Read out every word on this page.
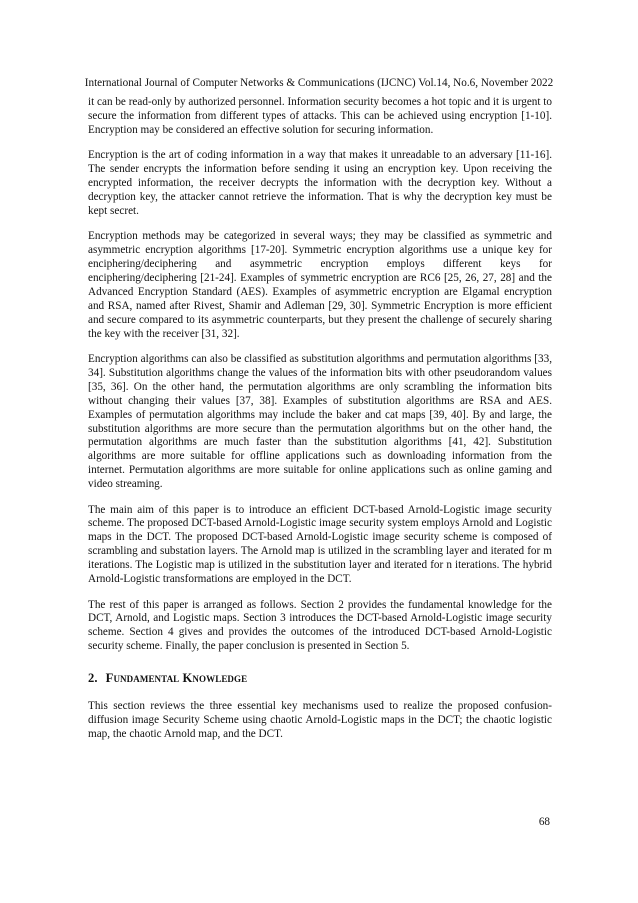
International Journal of Computer Networks & Communications (IJCNC) Vol.14, No.6, November 2022

it can be read-only by authorized personnel. Information security becomes a hot topic and it is urgent to secure the information from different types of attacks. This can be achieved using encryption [1-10]. Encryption may be considered an effective solution for securing information.

Encryption is the art of coding information in a way that makes it unreadable to an adversary [11-16]. The sender encrypts the information before sending it using an encryption key. Upon receiving the encrypted information, the receiver decrypts the information with the decryption key. Without a decryption key, the attacker cannot retrieve the information. That is why the decryption key must be kept secret.

Encryption methods may be categorized in several ways; they may be classified as symmetric and asymmetric encryption algorithms [17-20]. Symmetric encryption algorithms use a unique key for enciphering/deciphering and asymmetric encryption employs different keys for enciphering/deciphering [21-24]. Examples of symmetric encryption are RC6 [25, 26, 27, 28] and the Advanced Encryption Standard (AES). Examples of asymmetric encryption are Elgamal encryption and RSA, named after Rivest, Shamir and Adleman [29, 30]. Symmetric Encryption is more efficient and secure compared to its asymmetric counterparts, but they present the challenge of securely sharing the key with the receiver [31, 32].

Encryption algorithms can also be classified as substitution algorithms and permutation algorithms [33, 34]. Substitution algorithms change the values of the information bits with other pseudorandom values [35, 36]. On the other hand, the permutation algorithms are only scrambling the information bits without changing their values [37, 38]. Examples of substitution algorithms are RSA and AES. Examples of permutation algorithms may include the baker and cat maps [39, 40]. By and large, the substitution algorithms are more secure than the permutation algorithms but on the other hand, the permutation algorithms are much faster than the substitution algorithms [41, 42]. Substitution algorithms are more suitable for offline applications such as downloading information from the internet. Permutation algorithms are more suitable for online applications such as online gaming and video streaming.

The main aim of this paper is to introduce an efficient DCT-based Arnold-Logistic image security scheme. The proposed DCT-based Arnold-Logistic image security system employs Arnold and Logistic maps in the DCT. The proposed DCT-based Arnold-Logistic image security scheme is composed of scrambling and substation layers. The Arnold map is utilized in the scrambling layer and iterated for m iterations. The Logistic map is utilized in the substitution layer and iterated for n iterations. The hybrid Arnold-Logistic transformations are employed in the DCT.

The rest of this paper is arranged as follows. Section 2 provides the fundamental knowledge for the DCT, Arnold, and Logistic maps. Section 3 introduces the DCT-based Arnold-Logistic image security scheme. Section 4 gives and provides the outcomes of the introduced DCT-based Arnold-Logistic security scheme. Finally, the paper conclusion is presented in Section 5.

2. Fundamental Knowledge

This section reviews the three essential key mechanisms used to realize the proposed confusion-diffusion image Security Scheme using chaotic Arnold-Logistic maps in the DCT; the chaotic logistic map, the chaotic Arnold map, and the DCT.

68
